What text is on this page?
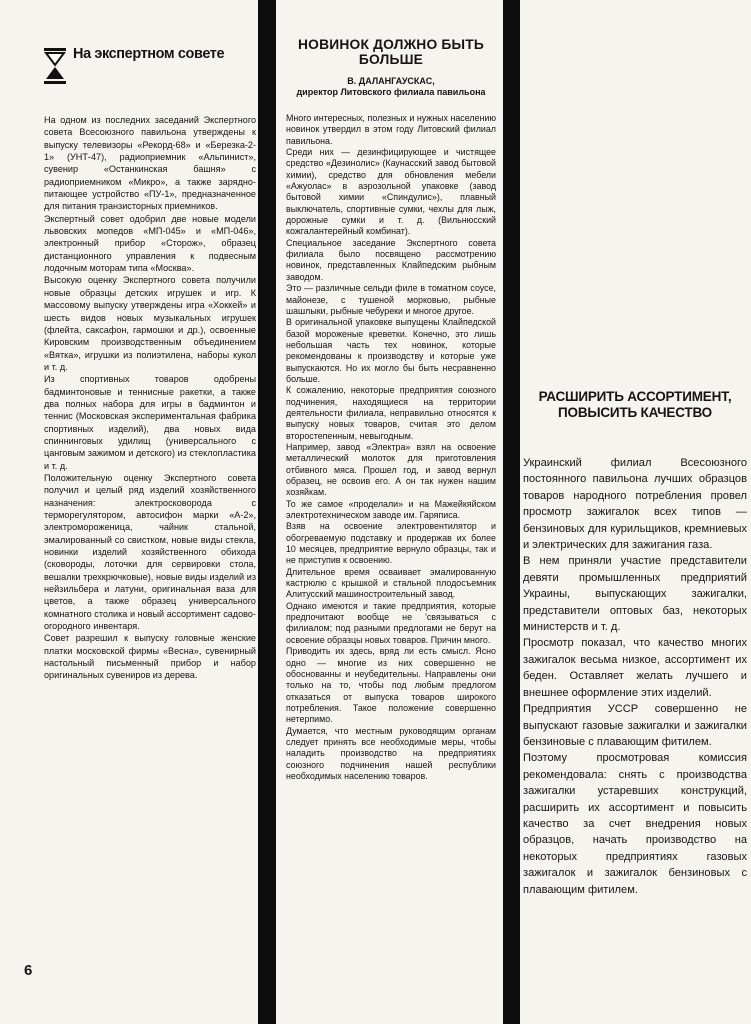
На экспертном совете

На одном из последних заседаний Экспертного совета Всесоюзного павильона утверждены к выпуску телевизоры «Рекорд-68» и «Березка-2-1» (УНТ-47), радиоприемник «Альпинист», сувенир «Останкинская башня» с радиоприемником «Микро», а также зарядно-питающее устройство «ПУ-1», предназначенное для питания транзисторных приемников.

Экспертный совет одобрил две новые модели львовских мопедов «МП-045» и «МП-046», электронный прибор «Сторож», образец дистанционного управления к подвесным лодочным моторам типа «Москва».

Высокую оценку Экспертного совета получили новые образцы детских игрушек и игр. К массовому выпуску утверждены игра «Хоккей» и шесть видов новых музыкальных игрушек (флейта, саксафон, гармошки и др.), освоенные Кировским производственным объединением «Вятка», игрушки из полиэтилена, наборы кукол и т. д.

Из спортивных товаров одобрены бадминтоновые и теннисные ракетки, а также два полных набора для игры в бадминтон и теннис (Московская экспериментальная фабрика спортивных изделий), два новых вида спиннинговых удилищ (универсального с цанговым зажимом и детского) из стеклопластика и т. д.

Положительную оценку Экспертного совета получил и целый ряд изделий хозяйственного назначения: электросковорода с терморегулятором, автосифон марки «А-2», электромороженица, чайник стальной, эмалированный со свистком, новые виды стекла, новинки изделий хозяйственного обихода (сковороды, лоточки для сервировки стола, вешалки трехкрючковые), новые виды изделий из нейзильбера и латуни, оригинальная ваза для цветов, а также образец универсального комнатного столика и новый ассортимент садово-огородного инвентаря.

Совет разрешил к выпуску головные женские платки московской фирмы «Весна», сувенирный настольный письменный прибор и набор оригинальных сувениров из дерева.

НОВИНОК ДОЛЖНО БЫТЬ БОЛЬШЕ
В. ДАЛАНГАУСКАС,
директор Литовского филиала павильона

Много интересных, полезных и нужных населению новинок утвердил в этом году Литовский филиал павильона.

Среди них — дезинфицирующее и чистящее средство «Дезинолис» (Каунасский завод бытовой химии), средство для обновления мебели «Ажуолас» в аэрозольной упаковке (завод бытовой химии «Спиндулис»), плавный выключатель, спортивные сумки, чехлы для лыж, дорожные сумки и т. д. (Вильнюсский кожгалантерейный комбинат).

Специальное заседание Экспертного совета филиала было посвящено рассмотрению новинок, представленных Клайпедским рыбным заводом.

Это — различные сельди филе в томатном соусе, майонезе, с тушеной морковью, рыбные шашлыки, рыбные чебуреки и многое другое.

В оригинальной упаковке выпущены Клайпедской базой мороженые креветки. Конечно, это лишь небольшая часть тех новинок, которые рекомендованы к производству и которые уже выпускаются. Но их могло бы быть несравненно больше.

К сожалению, некоторые предприятия союзного подчинения, находящиеся на территории деятельности филиала, неправильно относятся к выпуску новых товаров, считая это делом второстепенным, невыгодным.

Например, завод «Электра» взял на освоение металлический молоток для приготовления отбивного мяса. Прошел год, и завод вернул образец, не освоив его. А он так нужен нашим хозяйкам.

То же самое «проделали» и на Мажейкяйском электротехническом заводе им. Гаряписа.

Взяв на освоение электровентилятор и обогреваемую подставку и продержав их более 10 месяцев, предприятие вернуло образцы, так и не приступив к освоению.

Длительное время осваивает эмалированную кастрюлю с крышкой и стальной плодосъемник Алитусский машиностроительный завод.

Однако имеются и такие предприятия, которые предпочитают вообще не 'связываться с филиалом; под разными предлогами не берут на освоение образцы новых товаров. Причин много.

Приводить их здесь, вряд ли есть смысл. Ясно одно — многие из них совершенно не обоснованны и неубедительны. Направлены они только на то, чтобы под любым предлогом отказаться от выпуска товаров широкого потребления. Такое положение совершенно нетерпимо.

Думается, что местным руководящим органам следует принять все необходимые меры, чтобы наладить производство на предприятиях союзного подчинения нашей республики необходимых населению товаров.

РАСШИРИТЬ АССОРТИМЕНТ, ПОВЫСИТЬ КАЧЕСТВО

Украинский филиал Всесоюзного постоянного павильона лучших образцов товаров народного потребления провел просмотр зажигалок всех типов — бензиновых для курильщиков, кремниевых и электрических для зажигания газа.

В нем приняли участие представители девяти промышленных предприятий Украины, выпускающих зажигалки, представители оптовых баз, некоторых министерств и т. д.

Просмотр показал, что качество многих зажигалок весьма низкое, ассортимент их беден. Оставляет желать лучшего и внешнее оформление этих изделий.

Предприятия УССР совершенно не выпускают газовые зажигалки и зажигалки бензиновые с плавающим фитилем.

Поэтому просмотровая комиссия рекомендовала: снять с производства зажигалки устаревших конструкций, расширить их ассортимент и повысить качество за счет внедрения новых образцов, начать производство на некоторых предприятиях газовых зажигалок и зажигалок бензиновых с плавающим фитилем.

6
